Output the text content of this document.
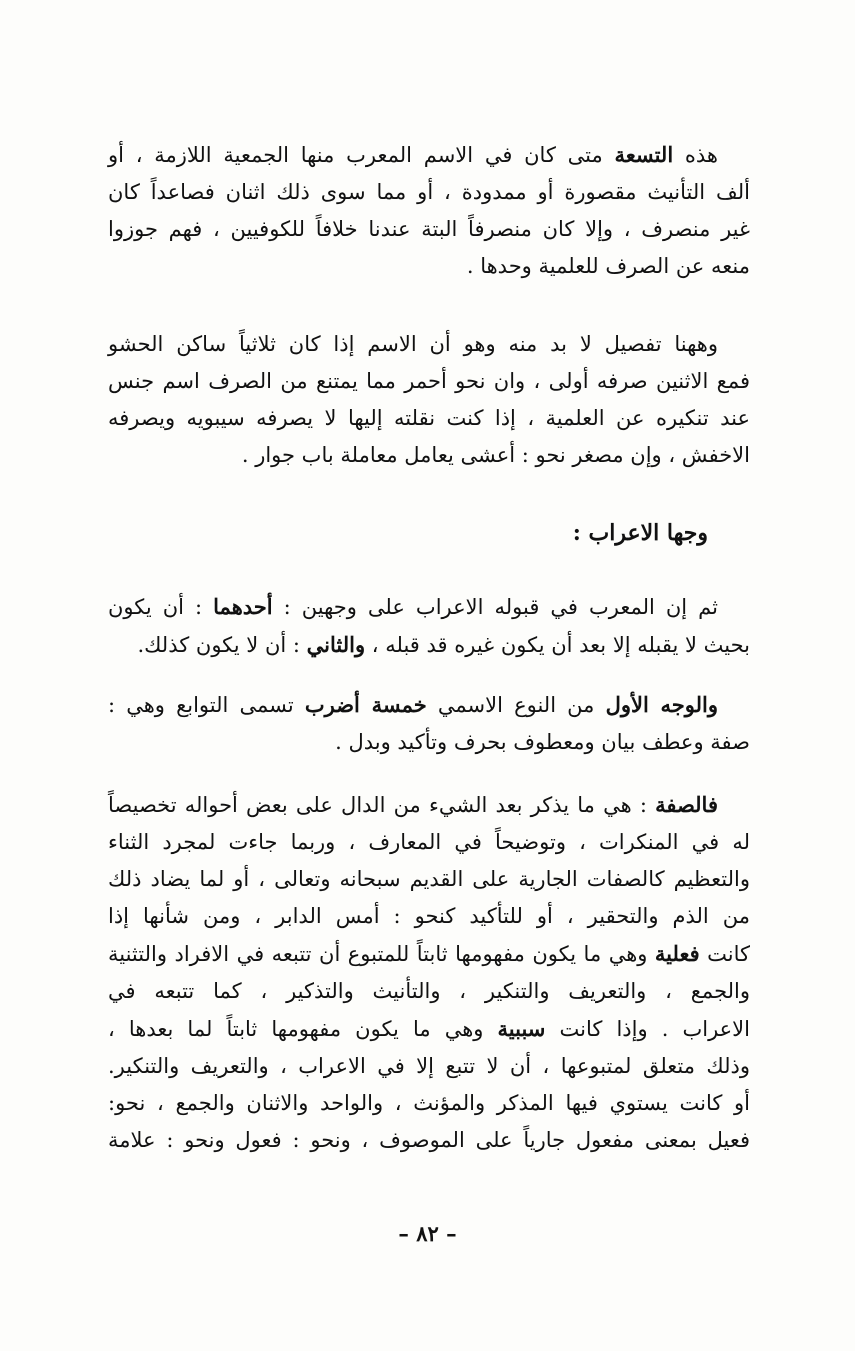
هذه التسعة متى كان في الاسم المعرب منها الجمعية اللازمة ، أو
ألف التأنيث مقصورة أو ممدودة ، أو مما سوى ذلك اثنان فصاعداً كان
غير منصرف ، وإلا كان منصرفاً البتة عندنا خلافاً للكوفيين ، فهم جوزوا
منعه عن الصرف للعلمية وحدها .
وههنا تفصيل لا بد منه وهو أن الاسم إذا كان ثلاثياً ساكن الحشو
فمع الاثنين صرفه أولى ، وان نحو أحمر مما يمتنع من الصرف اسم جنس
عند تنكيره عن العلمية ، إذا كنت نقلته إليها لا يصرفه سيبويه ويصرفه
الاخفش ، وإن مصغر نحو : أعشى يعامل معاملة باب جوار .
وجها الاعراب :
ثم إن المعرب في قبوله الاعراب على وجهين : أحدهما : أن يكون
بحيث لا يقبله إلا بعد أن يكون غيره قد قبله ، والثاني : أن لا يكون كذلك.
والوجه الأول من النوع الاسمي خمسة أضرب تسمى التوابع وهي :
صفة وعطف بيان ومعطوف بحرف وتأكيد وبدل .
فالصفة : هي ما يذكر بعد الشيء من الدال على بعض أحواله تخصيصاً
له في المنكرات ، وتوضيحاً في المعارف ، وربما جاءت لمجرد الثناء
والتعظيم كالصفات الجارية على القديم سبحانه وتعالى ، أو لما يضاد ذلك
من الذم والتحقير ، أو للتأكيد كنحو : أمس الدابر ، ومن شأنها إذا
كانت فعلية وهي ما يكون مفهومها ثابتاً للمتبوع أن تتبعه في الافراد والتثنية
والجمع ، والتعريف والتنكير ، والتأنيث والتذكير ، كما تتبعه في
الاعراب . وإذا كانت سببية وهي ما يكون مفهومها ثابتاً لما بعدها ،
وذلك متعلق لمتبوعها ، أن لا تتبع إلا في الاعراب ، والتعريف والتنكير.
أو كانت يستوي فيها المذكر والمؤنث ، والواحد والاثنان والجمع ، نحو:
فعيل بمعنى مفعول جارياً على الموصوف ، ونحو : فعول ونحو : علامة
– ٨٢ –
